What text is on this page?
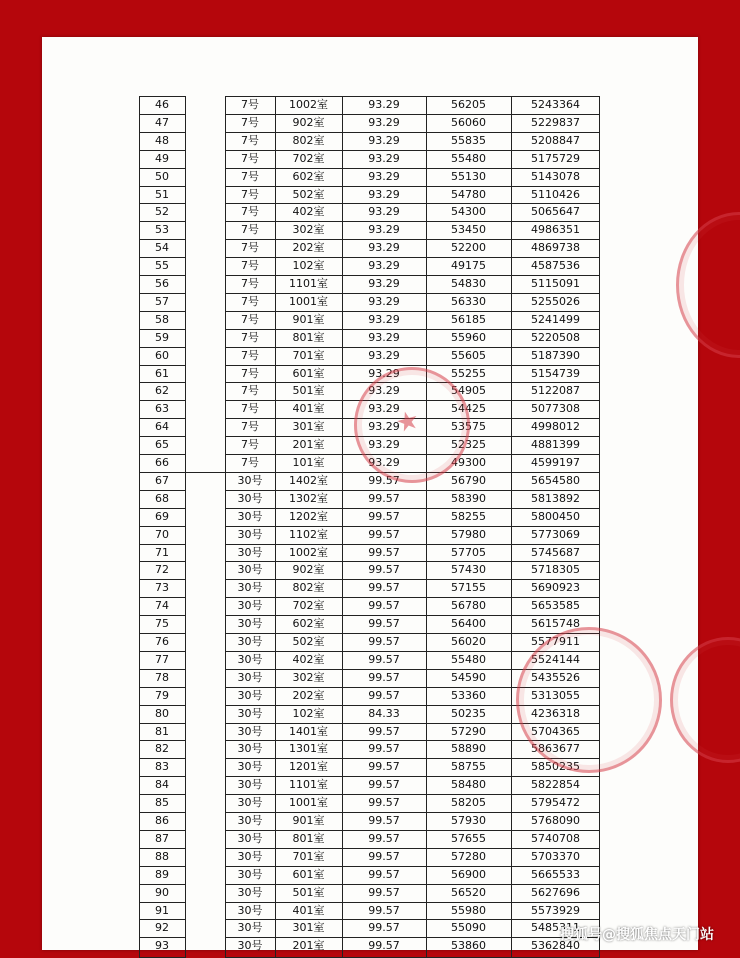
46	7号	1002室	93.29	56205	5243364
47	7号	902室	93.29	56060	5229837
48	7号	802室	93.29	55835	5208847
49	7号	702室	93.29	55480	5175729
50	7号	602室	93.29	55130	5143078
51	7号	502室	93.29	54780	5110426
52	7号	402室	93.29	54300	5065647
53	7号	302室	93.29	53450	4986351
54	7号	202室	93.29	52200	4869738
55	7号	102室	93.29	49175	4587536
56	7号	1101室	93.29	54830	5115091
57	7号	1001室	93.29	56330	5255026
58	7号	901室	93.29	56185	5241499
59	7号	801室	93.29	55960	5220508
60	7号	701室	93.29	55605	5187390
61	7号	601室	93.29	55255	5154739
62	7号	501室	93.29	54905	5122087
63	7号	401室	93.29	54425	5077308
64	7号	301室	93.29	53575	4998012
65	7号	201室	93.29	52325	4881399
66	7号	101室	93.29	49300	4599197
67	30号	1402室	99.57	56790	5654580
68	30号	1302室	99.57	58390	5813892
69	30号	1202室	99.57	58255	5800450
70	30号	1102室	99.57	57980	5773069
71	30号	1002室	99.57	57705	5745687
72	30号	902室	99.57	57430	5718305
73	30号	802室	99.57	57155	5690923
74	30号	702室	99.57	56780	5653585
75	30号	602室	99.57	56400	5615748
76	30号	502室	99.57	56020	5577911
77	30号	402室	99.57	55480	5524144
78	30号	302室	99.57	54590	5435526
79	30号	202室	99.57	53360	5313055
80	30号	102室	84.33	50235	4236318
81	30号	1401室	99.57	57290	5704365
82	30号	1301室	99.57	58890	5863677
83	30号	1201室	99.57	58755	5850235
84	30号	1101室	99.57	58480	5822854
85	30号	1001室	99.57	58205	5795472
86	30号	901室	99.57	57930	5768090
87	30号	801室	99.57	57655	5740708
88	30号	701室	99.57	57280	5703370
89	30号	601室	99.57	56900	5665533
90	30号	501室	99.57	56520	5627696
91	30号	401室	99.57	55980	5573929
92	30号	301室	99.57	55090	5485311
93	30号	201室	99.57	53860	5362840
★
搜狐号@搜狐焦点天门站
